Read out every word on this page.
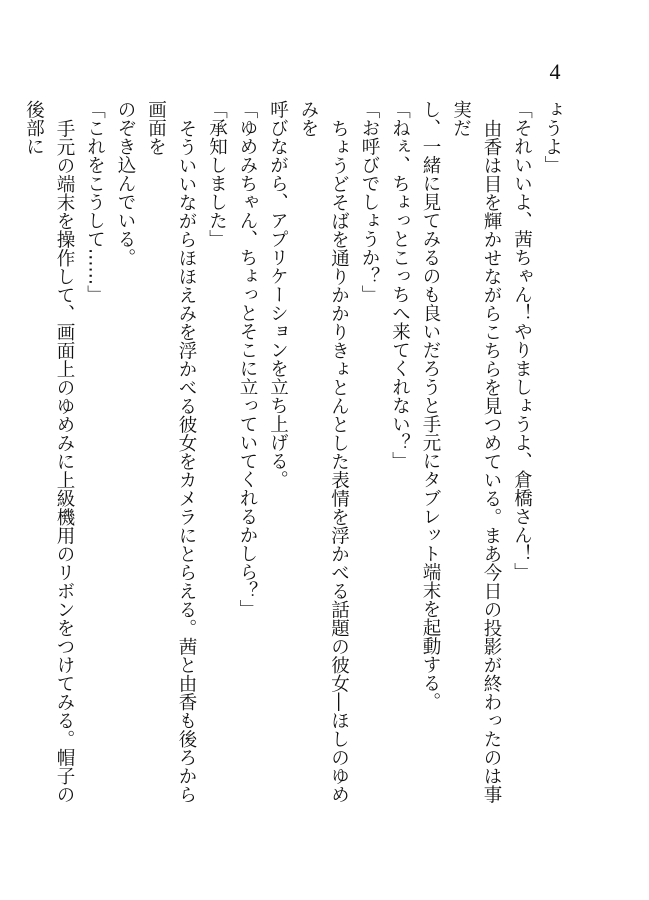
4

ょうよ」

「それいいよ、茜ちゃん！やりましょうよ、倉橋さん！」

由香は目を輝かせながらこちらを見つめている。まあ今日の投影が終わったのは事実だ

し、一緒に見てみるのも良いだろうと手元にタブレット端末を起動する。

「ねぇ、ちょっとこっちへ来てくれない？」

「お呼びでしょうか？」

ちょうどそばを通りかかりきょとんとした表情を浮かべる話題の彼女―ほしのゆめみを

呼びながら、アプリケーションを立ち上げる。

「ゆめみちゃん、ちょっとそこに立っていてくれるかしら？」

「承知しました」

そういいながらほほえみを浮かべる彼女をカメラにとらえる。茜と由香も後ろから画面を

のぞき込んでいる。

「これをこうして……」

手元の端末を操作して、画面上のゆめみに上級機用のリボンをつけてみる。帽子の後部に
